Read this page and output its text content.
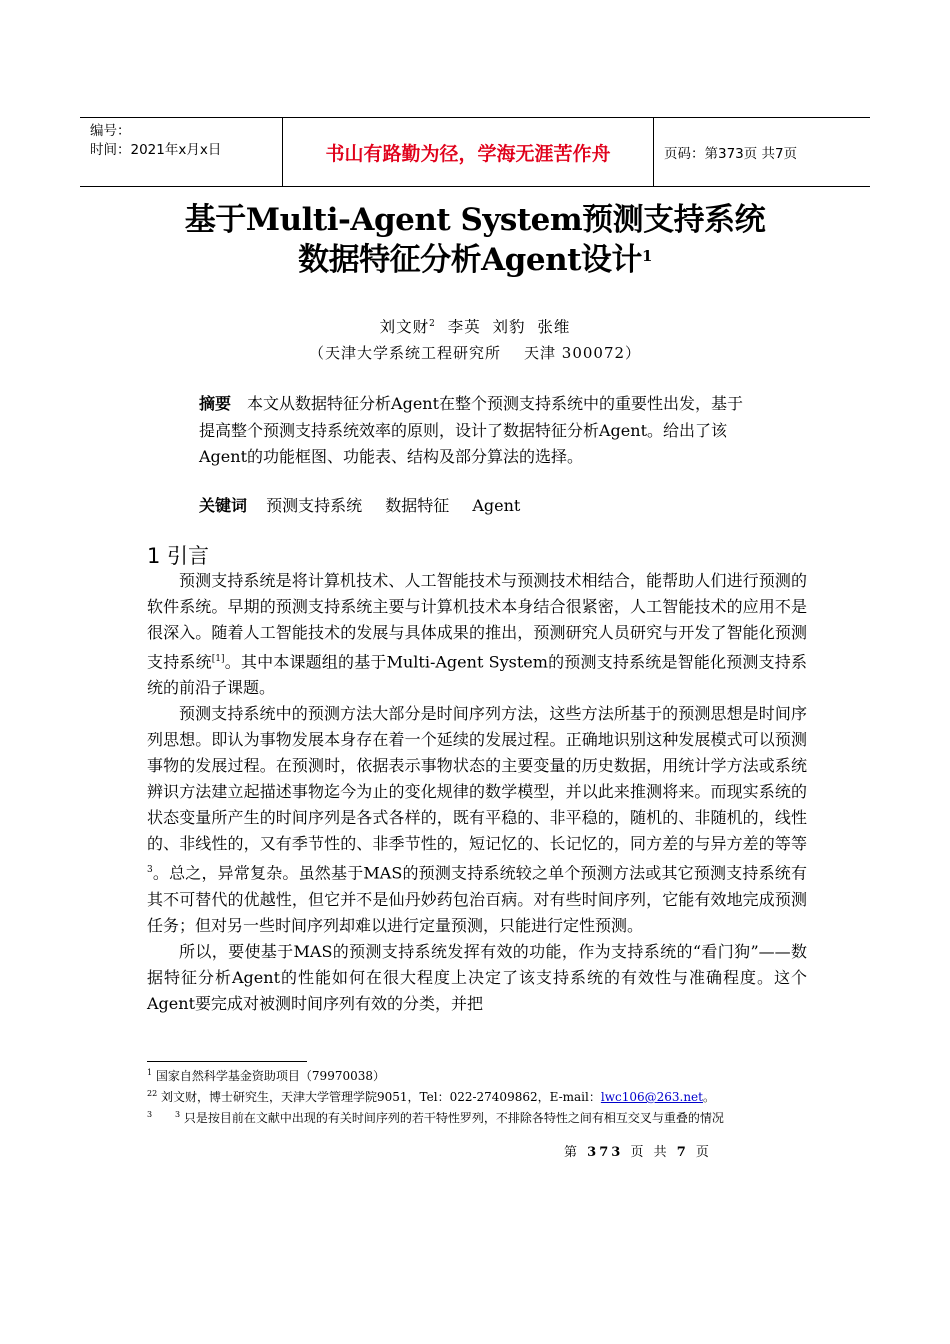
编号：
时间：2021年x月x日	书山有路勤为径，学海无涯苦作舟	页码：第373页 共7页
基于Multi-Agent System预测支持系统
数据特征分析Agent设计$^1$
刘文财$^2$  李英  刘豹  张维
（天津大学系统工程研究所    天津 300072）
摘要 本文从数据特征分析Agent在整个预测支持系统中的重要性出发，基于提高整个预测支持系统效率的原则，设计了数据特征分析Agent。给出了该Agent的功能框图、功能表、结构及部分算法的选择。
关键词 预测支持系统 数据特征 Agent
1 引言

预测支持系统是将计算机技术、人工智能技术与预测技术相结合，能帮助人们进行预测的软件系统。早期的预测支持系统主要与计算机技术本身结合很紧密，人工智能技术的应用不是很深入。随着人工智能技术的发展与具体成果的推出，预测研究人员研究与开发了智能化预测支持系统[1]。其中本课题组的基于Multi-Agent System的预测支持系统是智能化预测支持系统的前沿子课题。

预测支持系统中的预测方法大部分是时间序列方法，这些方法所基于的预测思想是时间序列思想。即认为事物发展本身存在着一个延续的发展过程。正确地识别这种发展模式可以预测事物的发展过程。在预测时，依据表示事物状态的主要变量的历史数据，用统计学方法或系统辨识方法建立起描述事物迄今为止的变化规律的数学模型，并以此来推测将来。而现实系统的状态变量所产生的时间序列是各式各样的，既有平稳的、非平稳的，随机的、非随机的，线性的、非线性的，又有季节性的、非季节性的，短记忆的、长记忆的，同方差的与异方差的等等$^3$。总之，异常复杂。虽然基于MAS的预测支持系统较之单个预测方法或其它预测支持系统有其不可替代的优越性，但它并不是仙丹妙药包治百病。对有些时间序列，它能有效地完成预测任务；但对另一些时间序列却难以进行定量预测，只能进行定性预测。

所以，要使基于MAS的预测支持系统发挥有效的功能，作为支持系统的“看门狗”——数据特征分析Agent的性能如何在很大程度上决定了该支持系统的有效性与准确程度。这个Agent要完成对被测时间序列有效的分类，并把

$^1$ 国家自然科学基金资助项目（79970038）
$^{22}$ 刘文财，博士研究生，天津大学管理学院9051，Tel：022-27409862，E-mail：lwc106@263.net。
3	$^3$ 只是按目前在文献中出现的有关时间序列的若干特性罗列，不排除各特性之间有相互交叉与重叠的情况
第 373 页 共 7 页
